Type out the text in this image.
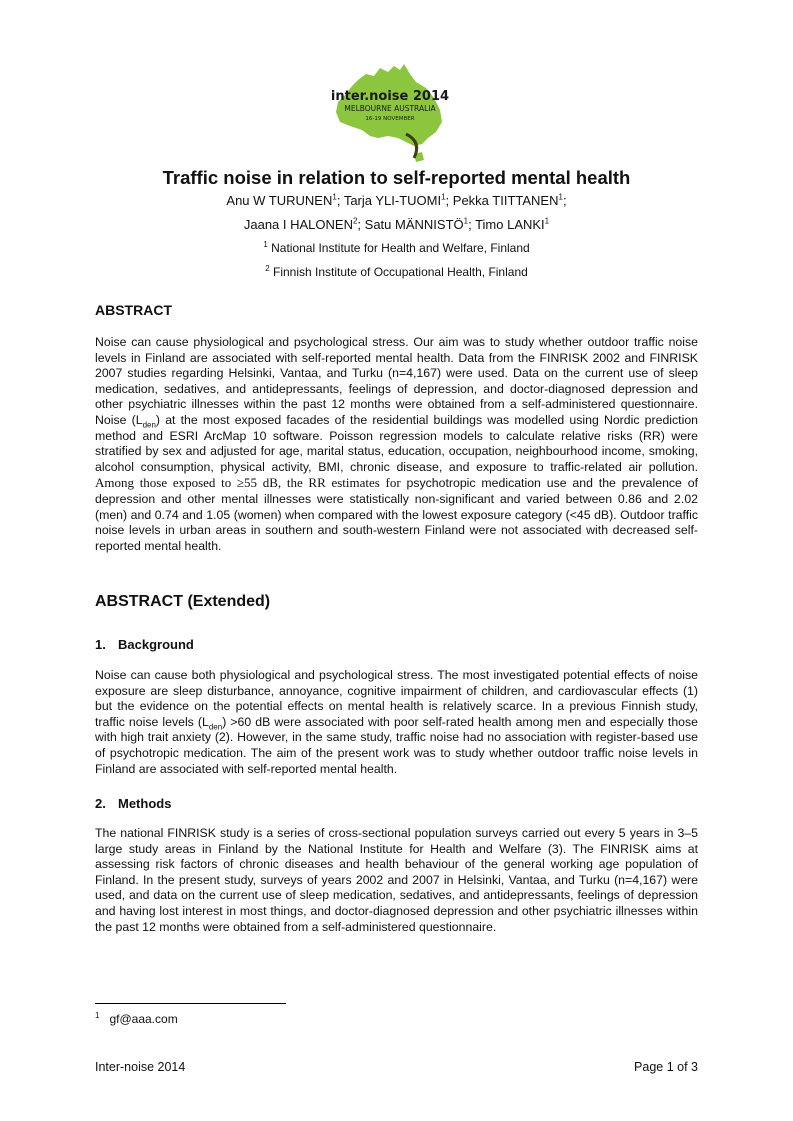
inter.noise 2014
MELBOURNE AUSTRALIA
16-19 NOVEMBER
Traffic noise in relation to self-reported mental health
Anu W TURUNEN$^1$; Tarja YLI-TUOMI$^1$; Pekka TIITTANEN$^1$;
Jaana I HALONEN$^2$; Satu MÄNNISTÖ$^1$; Timo LANKI$^1$
$^1$ National Institute for Health and Welfare, Finland
$^2$ Finnish Institute of Occupational Health, Finland
ABSTRACT

Noise can cause physiological and psychological stress. Our aim was to study whether outdoor traffic noise levels in Finland are associated with self-reported mental health. Data from the FINRISK 2002 and FINRISK 2007 studies regarding Helsinki, Vantaa, and Turku (n=4,167) were used. Data on the current use of sleep medication, sedatives, and antidepressants, feelings of depression, and doctor-diagnosed depression and other psychiatric illnesses within the past 12 months were obtained from a self-administered questionnaire. Noise $(L_{den})$ at the most exposed facades of the residential buildings was modelled using Nordic prediction method and ESRI ArcMap 10 software. Poisson regression models to calculate relative risks (RR) were stratified by sex and adjusted for age, marital status, education, occupation, neighbourhood income, smoking, alcohol consumption, physical activity, BMI, chronic disease, and exposure to traffic-related air pollution. Among those exposed to ≥55 dB, the RR estimates for psychotropic medication use and the prevalence of depression and other mental illnesses were statistically non-significant and varied between 0.86 and 2.02 (men) and 0.74 and 1.05 (women) when compared with the lowest exposure category (<45 dB). Outdoor traffic noise levels in urban areas in southern and south-western Finland were not associated with decreased self-reported mental health.

ABSTRACT (Extended)
1. Background

Noise can cause both physiological and psychological stress. The most investigated potential effects of noise exposure are sleep disturbance, annoyance, cognitive impairment of children, and cardiovascular effects (1) but the evidence on the potential effects on mental health is relatively scarce. In a previous Finnish study, traffic noise levels $(L_{den}) >60$ dB were associated with poor self-rated health among men and especially those with high trait anxiety (2). However, in the same study, traffic noise had no association with register-based use of psychotropic medication. The aim of the present work was to study whether outdoor traffic noise levels in Finland are associated with self-reported mental health.

2. Methods

The national FINRISK study is a series of cross-sectional population surveys carried out every 5 years in 3–5 large study areas in Finland by the National Institute for Health and Welfare (3). The FINRISK aims at assessing risk factors of chronic diseases and health behaviour of the general working age population of Finland. In the present study, surveys of years 2002 and 2007 in Helsinki, Vantaa, and Turku (n=4,167) were used, and data on the current use of sleep medication, sedatives, and antidepressants, feelings of depression and having lost interest in most things, and doctor-diagnosed depression and other psychiatric illnesses within the past 12 months were obtained from a self-administered questionnaire.

$^1$ gf@aaa.com
Inter-noise 2014	Page 1 of 3
